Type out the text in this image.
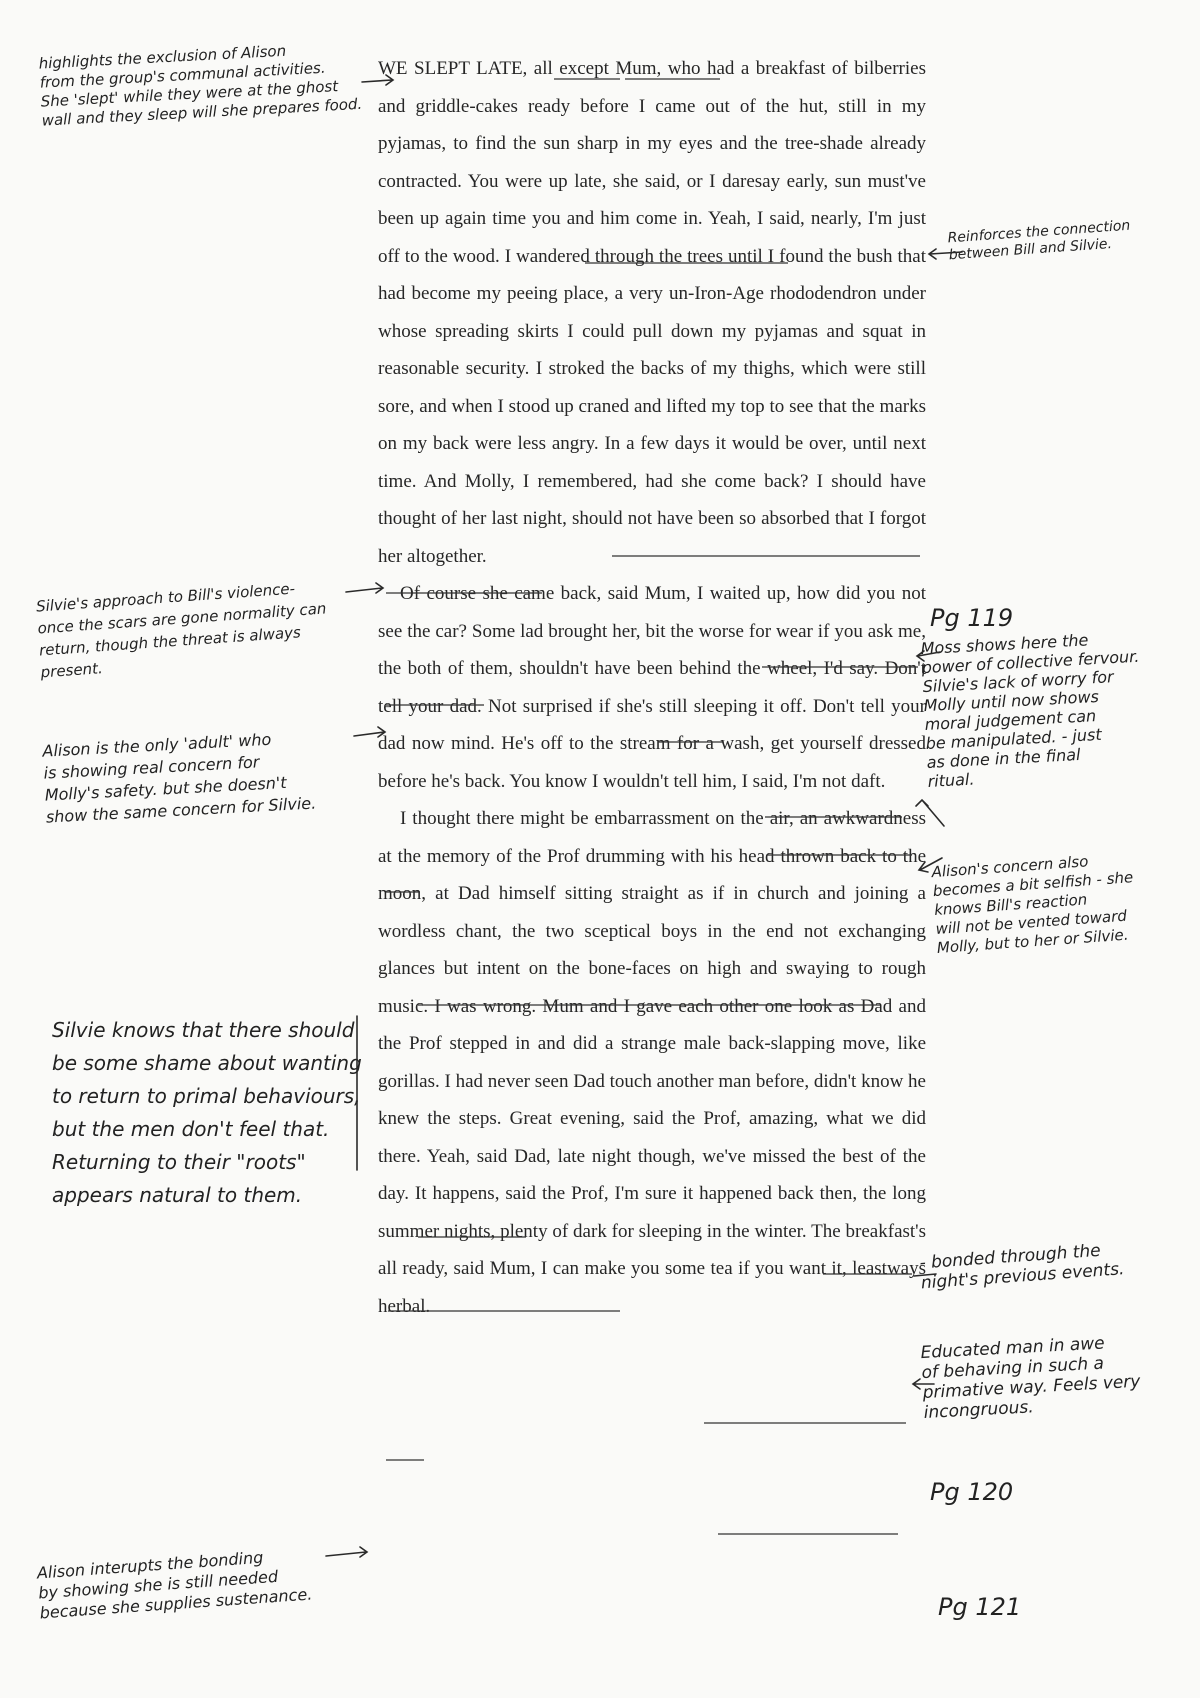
WE SLEPT LATE, all except Mum, who had a breakfast of bilberries and griddle-cakes ready before I came out of the hut, still in my pyjamas, to find the sun sharp in my eyes and the tree-shade already contracted. You were up late, she said, or I daresay early, sun must've been up again time you and him come in. Yeah, I said, nearly, I'm just off to the wood. I wandered through the trees until I found the bush that had become my peeing place, a very un-Iron-Age rhododendron under whose spreading skirts I could pull down my pyjamas and squat in reasonable security. I stroked the backs of my thighs, which were still sore, and when I stood up craned and lifted my top to see that the marks on my back were less angry. In a few days it would be over, until next time. And Molly, I remembered, had she come back? I should have thought of her last night, should not have been so absorbed that I forgot her altogether.

Of course she came back, said Mum, I waited up, how did you not see the car? Some lad brought her, bit the worse for wear if you ask me, the both of them, shouldn't have been behind the wheel, I'd say. Don't tell your dad. Not surprised if she's still sleeping it off. Don't tell your dad now mind. He's off to the stream for a wash, get yourself dressed before he's back. You know I wouldn't tell him, I said, I'm not daft.

I thought there might be embarrassment on the air, an awkwardness at the memory of the Prof drumming with his head thrown back to the moon, at Dad himself sitting straight as if in church and joining a wordless chant, the two sceptical boys in the end not exchanging glances but intent on the bone-faces on high and swaying to rough music. I was wrong. Mum and I gave each other one look as Dad and the Prof stepped in and did a strange male back-slapping move, like gorillas. I had never seen Dad touch another man before, didn't know he knew the steps. Great evening, said the Prof, amazing, what we did there. Yeah, said Dad, late night though, we've missed the best of the day. It happens, said the Prof, I'm sure it happened back then, the long summer nights, plenty of dark for sleeping in the winter. The breakfast's all ready, said Mum, I can make you some tea if you want it, leastways herbal.

highlights the exclusion of Alison
from the group's communal activities.
She 'slept' while they were at the ghost
wall and they sleep will she prepares food.
Reinforces the connection
between Bill and Silvie.
Silvie's approach to Bill's violence-
once the scars are gone normality can
return, though the threat is always
present.
Moss shows here the
power of collective fervour.
Silvie's lack of worry for
Molly until now shows
moral judgement can
be manipulated. - just
as done in the final
ritual.
Alison is the only 'adult' who
is showing real concern for
Molly's safety. but she doesn't
show the same concern for Silvie.
Alison's concern also
becomes a bit selfish - she
knows Bill's reaction
will not be vented toward
Molly, but to her or Silvie.
Silvie knows that there should
be some shame about wanting
to return to primal behaviours,
but the men don't feel that.
Returning to their "roots"
appears natural to them.
- bonded through the
night's previous events.
Educated man in awe
of behaving in such a
primative way. Feels very
incongruous.
Alison interupts the bonding
by showing she is still needed
because she supplies sustenance.
Pg 119
Pg 120
Pg 121
